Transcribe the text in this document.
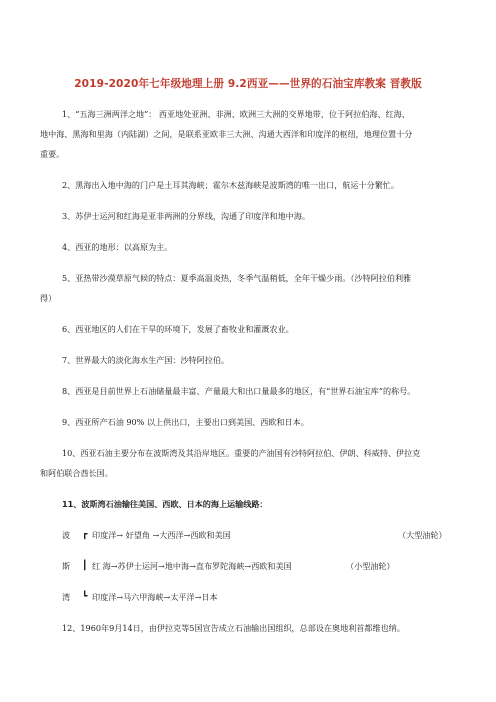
2019-2020年七年级地理上册 9.2西亚——世界的石油宝库教案 晋教版
1、“五海三洲两洋之地”： 西亚地处亚洲、非洲、欧洲三大洲的交界地带，位于阿拉伯海、红海、
地中海、黑海和里海（内陆湖）之间，是联系亚欧非三大洲、沟通大西洋和印度洋的枢纽，地理位置十分
重要。
2、黑海出入地中海的门户是土耳其海峡；霍尔木兹海峡是波斯湾的唯一出口，航运十分繁忙。
3、苏伊士运河和红海是亚非两洲的分界线，沟通了印度洋和地中海。
4、西亚的地形：以高原为主。
5、亚热带沙漠草原气候的特点：夏季高温炎热，冬季气温稍低，全年干燥少雨。（沙特阿拉伯利雅
得）
6、西亚地区的人们在干旱的环境下，发展了畜牧业和灌溉农业。
7、世界最大的淡化海水生产国：沙特阿拉伯。
8、西亚是目前世界上石油储量最丰富、产量最大和出口量最多的地区，有“世界石油宝库”的称号。
9、西亚所产石油 90% 以上供出口，主要出口到美国、西欧和日本。
10、西亚石油主要分布在波斯湾及其沿岸地区。重要的产油国有沙特阿拉伯、伊朗、科威特、伊拉克
和阿伯联合酋长国。
11、波斯湾石油输往美国、西欧、日本的海上运输线路：
波 ┏ 印度洋→ 好望角 →大西洋→西欧和美国	（大型油轮）
斯 ┃ 红 海→苏伊士运河→地中海→直布罗陀海峡→西欧和美国	（小型油轮）
湾 ┗ 印度洋→马六甲海峡→太平洋→日本
12、1960年9月14日，由伊拉克等5国宣告成立石油输出国组织，总部设在奥地利首都维也纳。
